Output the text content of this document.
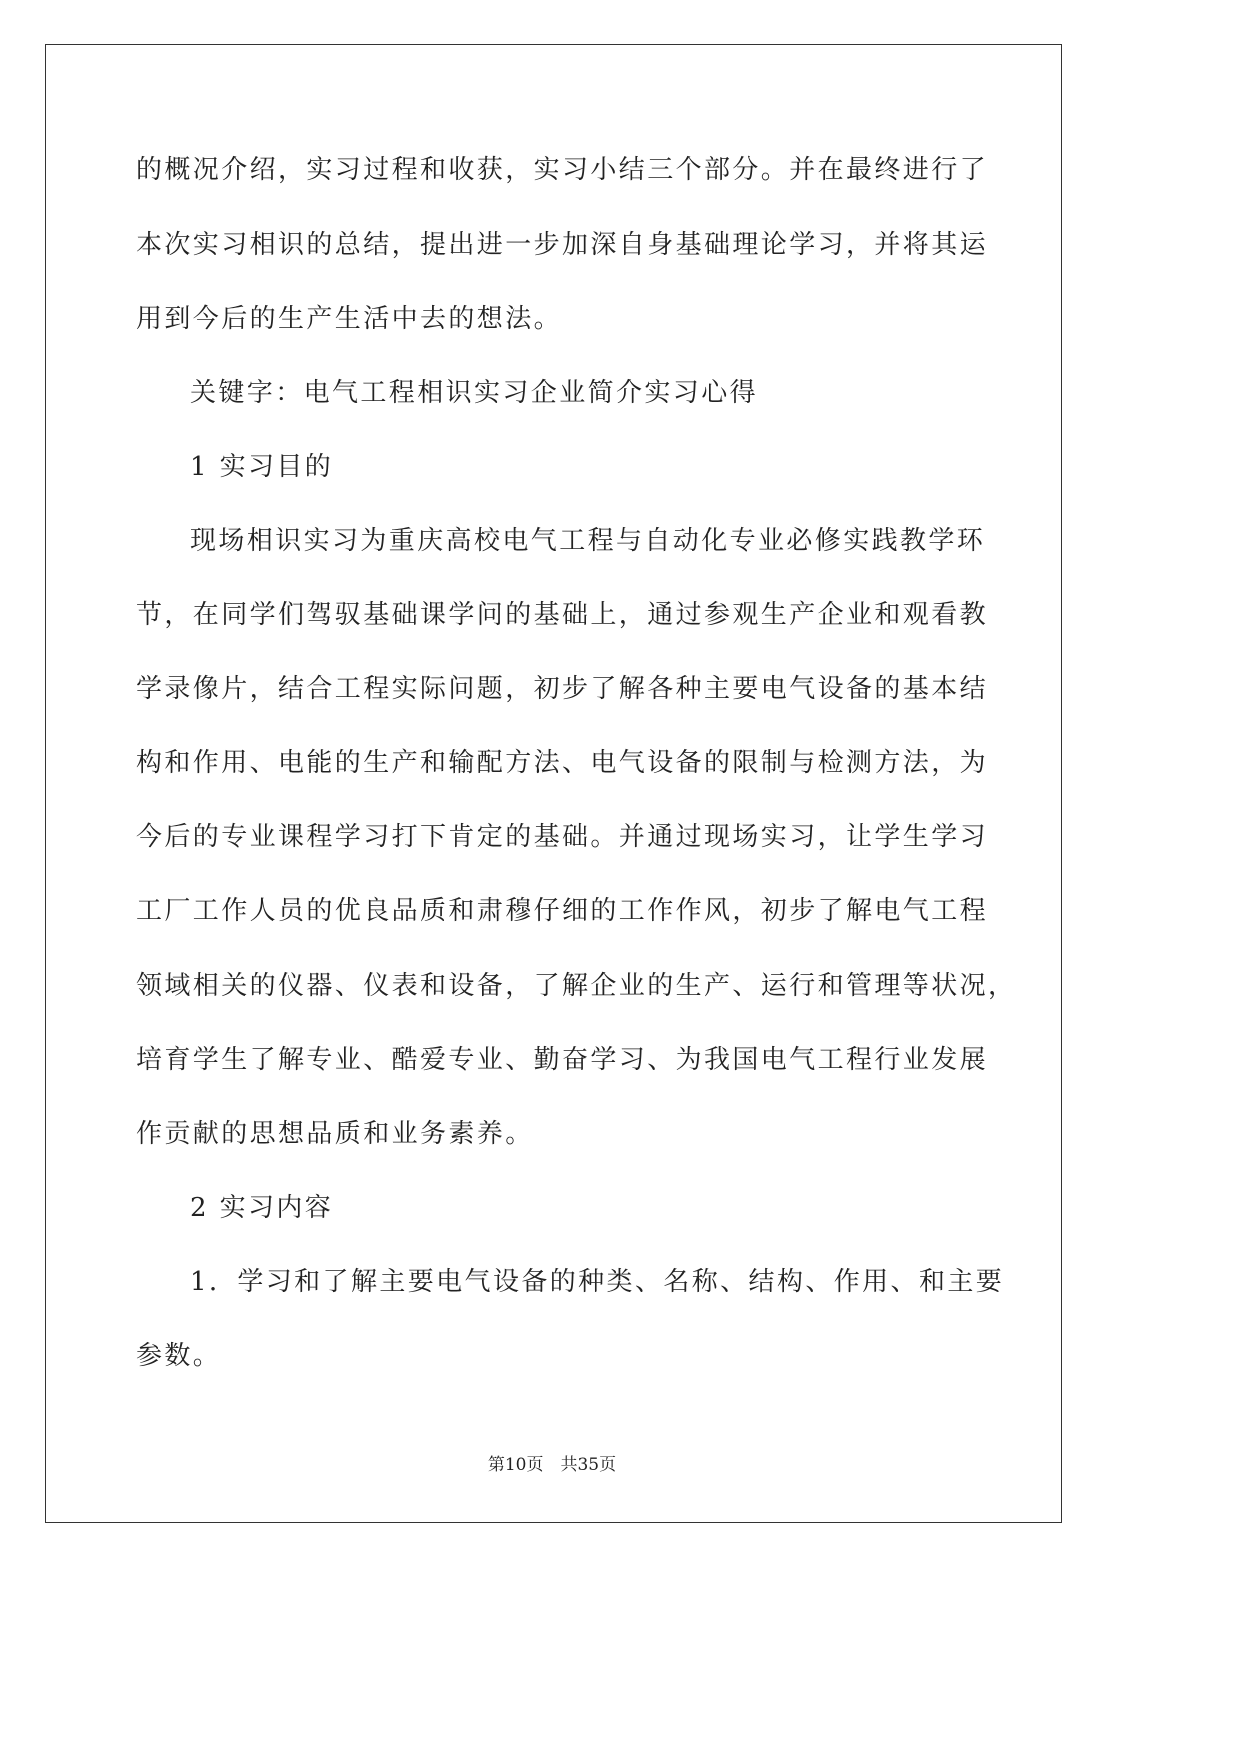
的概况介绍，实习过程和收获，实习小结三个部分。并在最终进行了
本次实习相识的总结，提出进一步加深自身基础理论学习，并将其运
用到今后的生产生活中去的想法。
关键字：电气工程相识实习企业简介实习心得
1 实习目的
现场相识实习为重庆高校电气工程与自动化专业必修实践教学环
节，在同学们驾驭基础课学问的基础上，通过参观生产企业和观看教
学录像片，结合工程实际问题，初步了解各种主要电气设备的基本结
构和作用、电能的生产和输配方法、电气设备的限制与检测方法，为
今后的专业课程学习打下肯定的基础。并通过现场实习，让学生学习
工厂工作人员的优良品质和肃穆仔细的工作作风，初步了解电气工程
领域相关的仪器、仪表和设备，了解企业的生产、运行和管理等状况，
培育学生了解专业、酷爱专业、勤奋学习、为我国电气工程行业发展
作贡献的思想品质和业务素养。
2 实习内容
1．学习和了解主要电气设备的种类、名称、结构、作用、和主要
参数。
第10页　共35页
